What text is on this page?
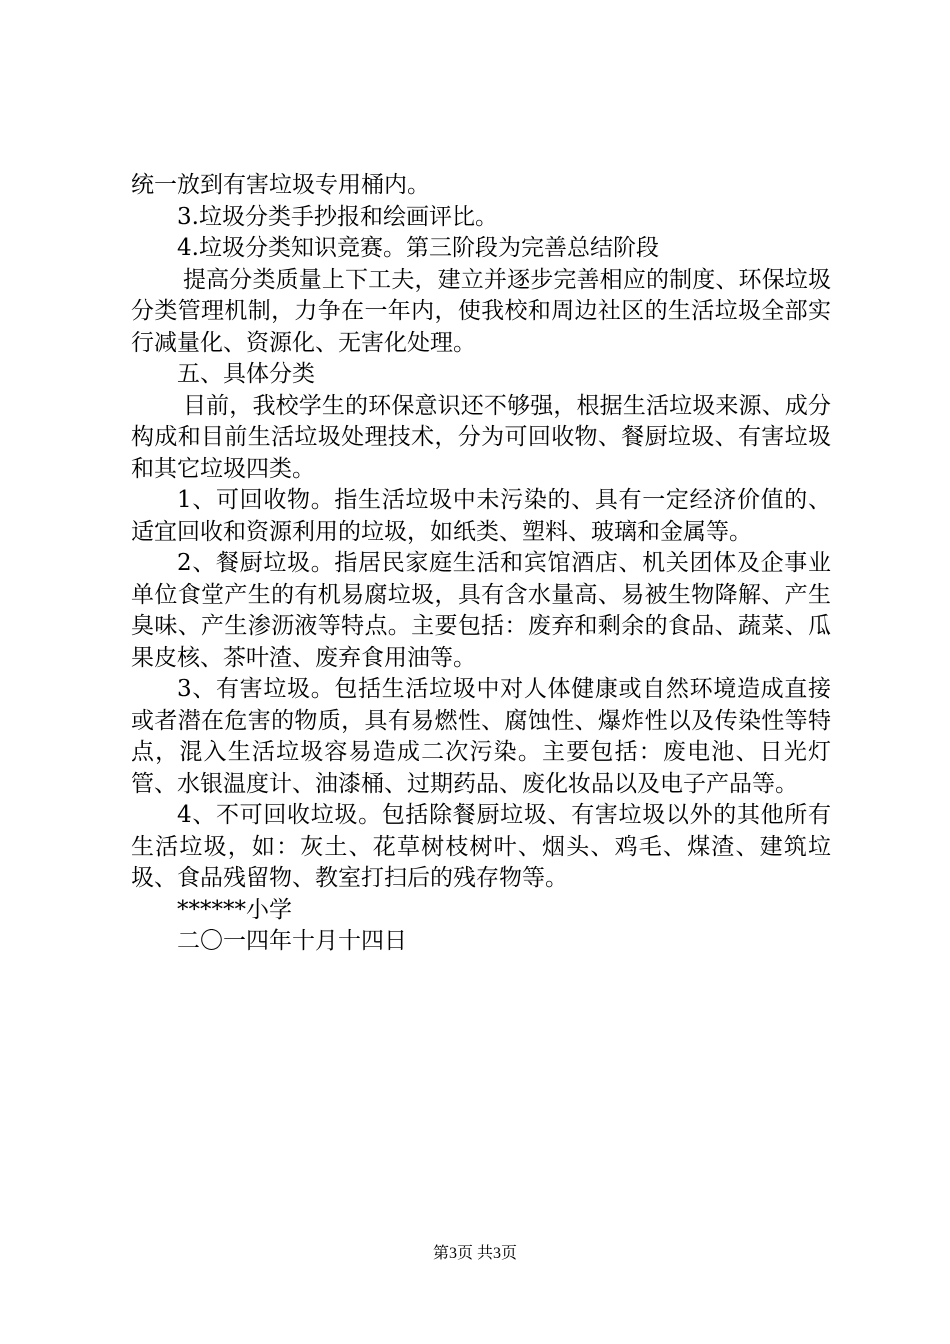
统一放到有害垃圾专用桶内。

3.垃圾分类手抄报和绘画评比。

4.垃圾分类知识竞赛。第三阶段为完善总结阶段

提高分类质量上下工夫，建立并逐步完善相应的制度、环保垃圾分类管理机制，力争在一年内，使我校和周边社区的生活垃圾全部实行减量化、资源化、无害化处理。

五、具体分类

目前，我校学生的环保意识还不够强，根据生活垃圾来源、成分构成和目前生活垃圾处理技术，分为可回收物、餐厨垃圾、有害垃圾和其它垃圾四类。

1、可回收物。指生活垃圾中未污染的、具有一定经济价值的、适宜回收和资源利用的垃圾，如纸类、塑料、玻璃和金属等。

2、餐厨垃圾。指居民家庭生活和宾馆酒店、机关团体及企事业单位食堂产生的有机易腐垃圾，具有含水量高、易被生物降解、产生臭味、产生渗沥液等特点。主要包括：废弃和剩余的食品、蔬菜、瓜果皮核、茶叶渣、废弃食用油等。

3、有害垃圾。包括生活垃圾中对人体健康或自然环境造成直接或者潜在危害的物质，具有易燃性、腐蚀性、爆炸性以及传染性等特点，混入生活垃圾容易造成二次污染。主要包括：废电池、日光灯管、水银温度计、油漆桶、过期药品、废化妆品以及电子产品等。

4、不可回收垃圾。包括除餐厨垃圾、有害垃圾以外的其他所有生活垃圾，如：灰土、花草树枝树叶、烟头、鸡毛、煤渣、建筑垃圾、食品残留物、教室打扫后的残存物等。

******小学

二〇一四年十月十四日

第3页 共3页
